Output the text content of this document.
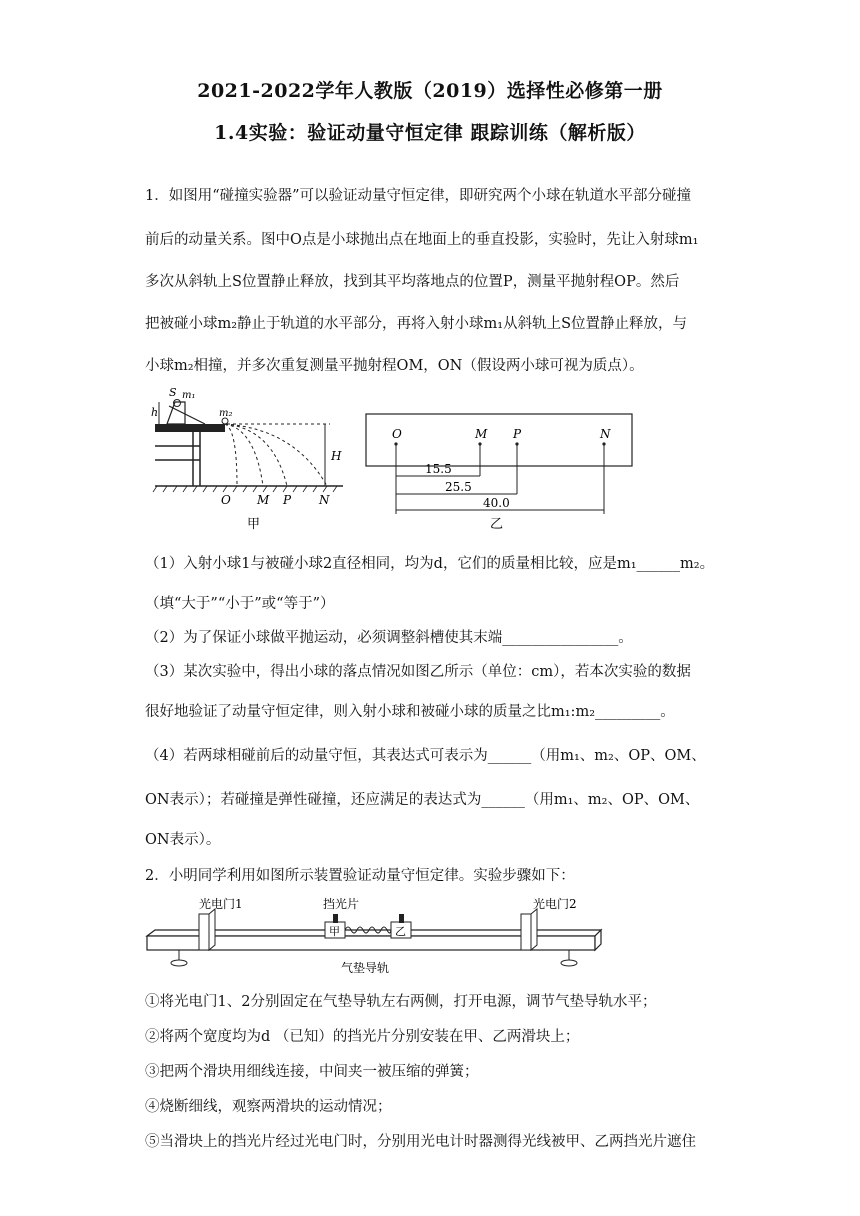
2021-2022学年人教版（2019）选择性必修第一册
1.4实验：验证动量守恒定律 跟踪训练（解析版）
1．如图用“碰撞实验器”可以验证动量守恒定律，即研究两个小球在轨道水平部分碰撞
前后的动量关系。图中O点是小球抛出点在地面上的垂直投影，实验时，先让入射球m₁
多次从斜轨上S位置静止释放，找到其平均落地点的位置P，测量平抛射程OP。然后
把被碰小球m₂静止于轨道的水平部分，再将入射小球m₁从斜轨上S位置静止释放，与
小球m₂相撞，并多次重复测量平抛射程OM，ON（假设两小球可视为质点）。
h
S m₁
m₂
H
O M P N
甲
O	M P	N
15.5
25.5
40.0
乙
（1）入射小球1与被碰小球2直径相同，均为d，它们的质量相比较，应是m₁______m₂。
（填“大于”“小于”或“等于”）
（2）为了保证小球做平抛运动，必须调整斜槽使其末端________________。
（3）某次实验中，得出小球的落点情况如图乙所示（单位：cm），若本次实验的数据
很好地验证了动量守恒定律，则入射小球和被碰小球的质量之比m₁:m₂_________。
（4）若两球相碰前后的动量守恒，其表达式可表示为______（用m₁、m₂、OP、OM、
ON表示）；若碰撞是弹性碰撞，还应满足的表达式为______（用m₁、m₂、OP、OM、
ON表示）。
2．小明同学利用如图所示装置验证动量守恒定律。实验步骤如下：
光电门1	挡光片	光电门2
甲	乙
气垫导轨
①将光电门1、2分别固定在气垫导轨左右两侧，打开电源，调节气垫导轨水平；
②将两个宽度均为d （已知）的挡光片分别安装在甲、乙两滑块上；
③把两个滑块用细线连接，中间夹一被压缩的弹簧；
④烧断细线，观察两滑块的运动情况；
⑤当滑块上的挡光片经过光电门时，分别用光电计时器测得光线被甲、乙两挡光片遮住
